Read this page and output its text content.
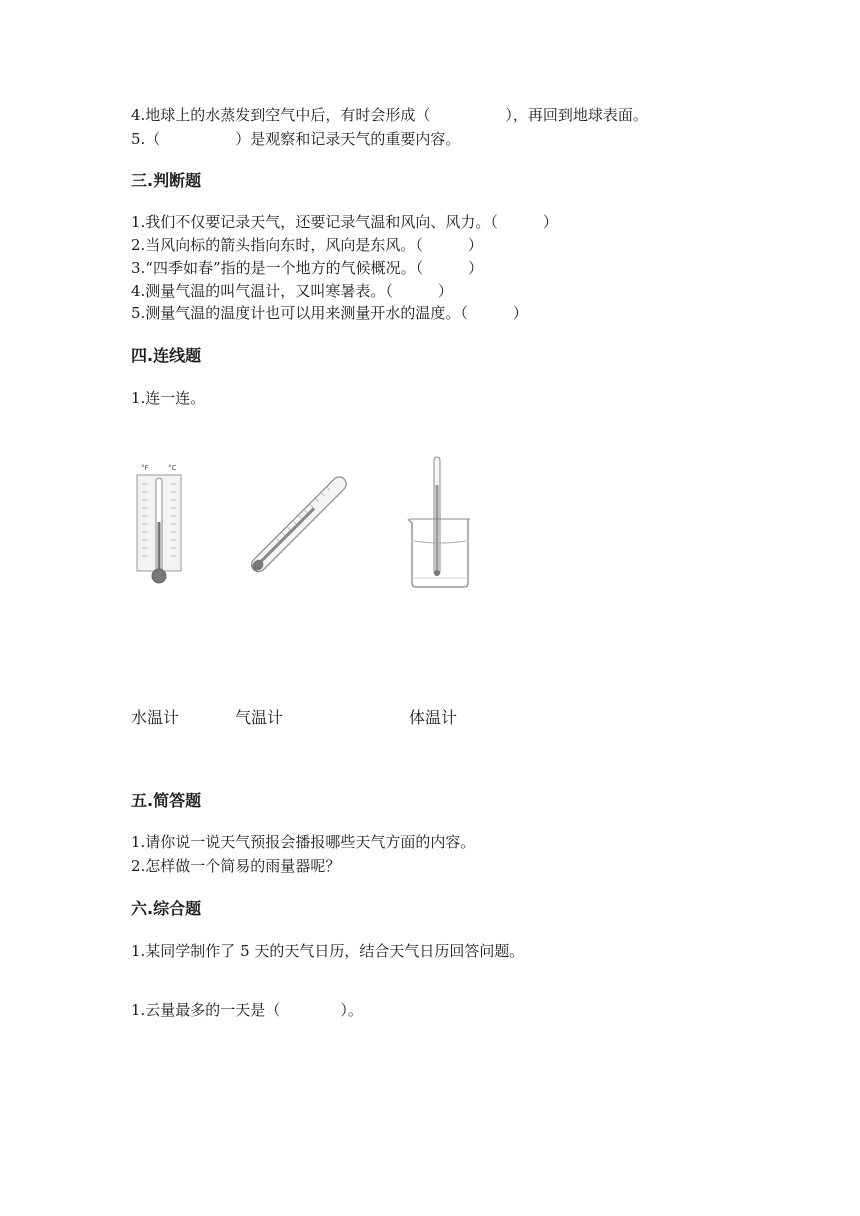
4.地球上的水蒸发到空气中后，有时会形成（　　　　　），再回到地球表面。
5.（　　　　　）是观察和记录天气的重要内容。
三.判断题
1.我们不仅要记录天气，还要记录气温和风向、风力。（　　　）
2.当风向标的箭头指向东时，风向是东风。（　　　）
3.“四季如春”指的是一个地方的气候概况。（　　　）
4.测量气温的叫气温计，又叫寒暑表。（　　　）
5.测量气温的温度计也可以用来测量开水的温度。（　　　）
四.连线题
1.连一连。
°F	°C
水温计	气温计	体温计
五.简答题
1.请你说一说天气预报会播报哪些天气方面的内容。
2.怎样做一个简易的雨量器呢？
六.综合题
1.某同学制作了 5 天的天气日历，结合天气日历回答问题。
1.云量最多的一天是（　　　　）。
